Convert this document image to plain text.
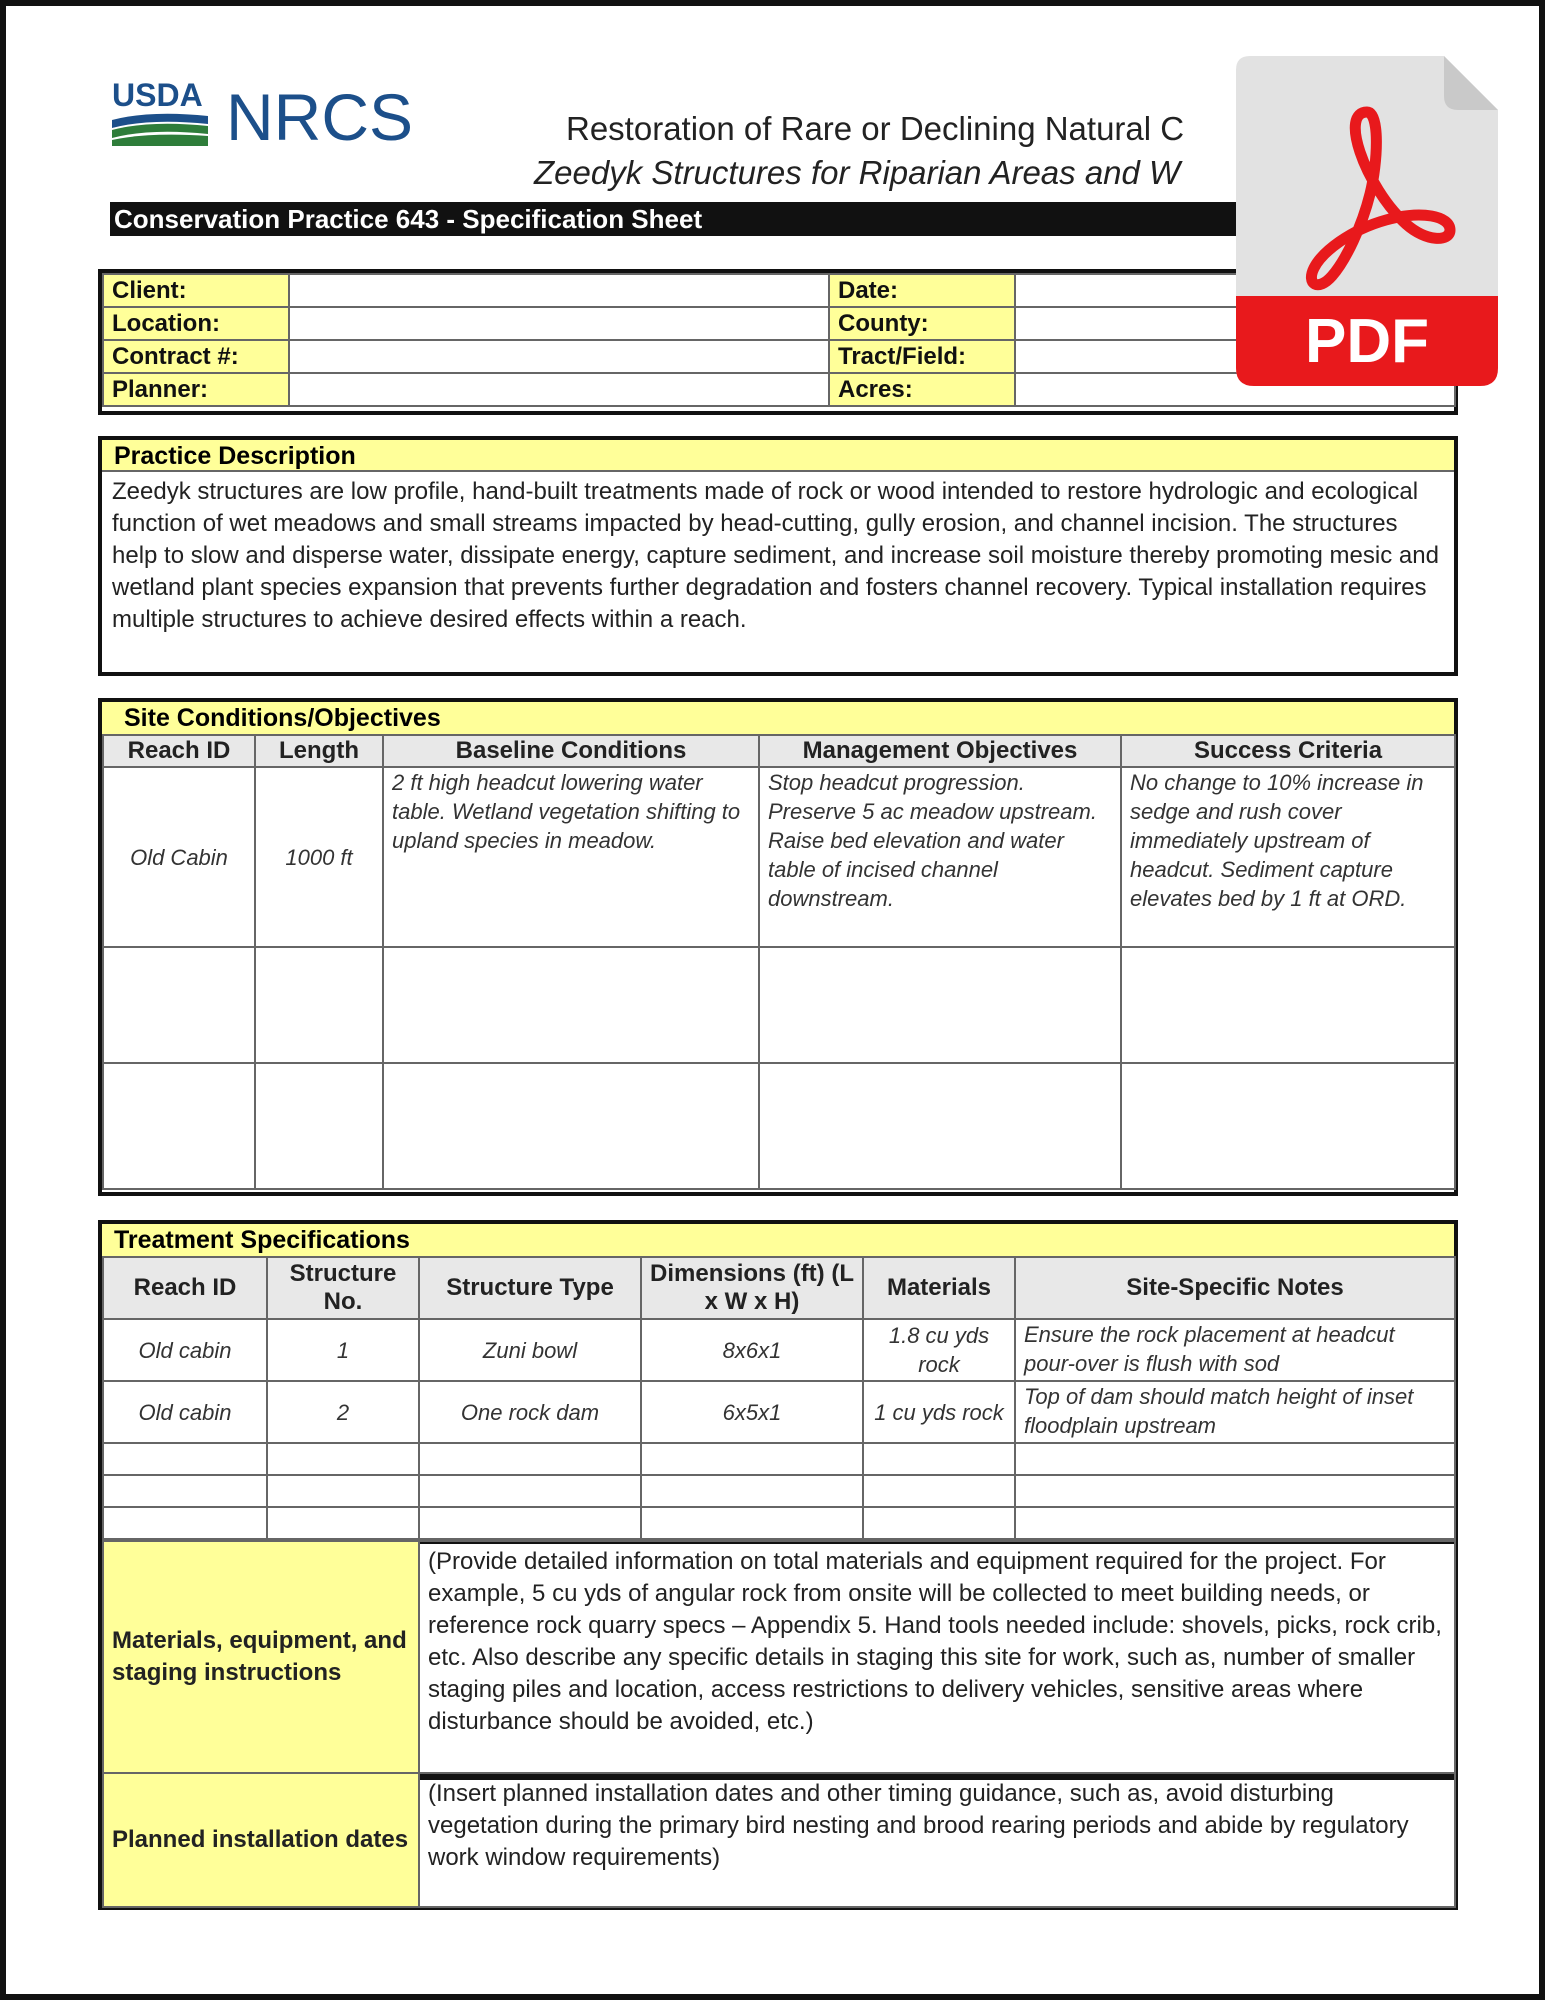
USDA NRCS	Restoration of Rare or Declining Natural C
Zeedyk Structures for Riparian Areas and W
Conservation Practice 643 - Specification Sheet
Client:		Date:	
Location:		County:	
Contract #:		Tract/Field:	
Planner:		Acres:	
Practice Description
Zeedyk structures are low profile, hand-built treatments made of rock or wood intended to restore hydrologic and ecological function of wet meadows and small streams impacted by head-cutting, gully erosion, and channel incision. The structures help to slow and disperse water, dissipate energy, capture sediment, and increase soil moisture thereby promoting mesic and wetland plant species expansion that prevents further degradation and fosters channel recovery. Typical installation requires multiple structures to achieve desired effects within a reach.
Site Conditions/Objectives
Reach ID	Length	Baseline Conditions	Management Objectives	Success Criteria
Old Cabin	1000 ft	2 ft high headcut lowering water table. Wetland vegetation shifting to upland species in meadow.	Stop headcut progression. Preserve 5 ac meadow upstream. Raise bed elevation and water table of incised channel downstream.	No change to 10% increase in sedge and rush cover immediately upstream of headcut. Sediment capture elevates bed by 1 ft at ORD.

Treatment Specifications
Reach ID	Structure No.	Structure Type	Dimensions (ft) (L x W x H)	Materials	Site-Specific Notes
Old cabin	1	Zuni bowl	8x6x1	1.8 cu yds rock	Ensure the rock placement at headcut pour-over is flush with sod
Old cabin	2	One rock dam	6x5x1	1 cu yds rock	Top of dam should match height of inset floodplain upstream

Materials, equipment, and staging instructions	(Provide detailed information on total materials and equipment required for the project. For example, 5 cu yds of angular rock from onsite will be collected to meet building needs, or reference rock quarry specs – Appendix 5. Hand tools needed include: shovels, picks, rock crib, etc. Also describe any specific details in staging this site for work, such as, number of smaller staging piles and location, access restrictions to delivery vehicles, sensitive areas where disturbance should be avoided, etc.)
Planned installation dates	(Insert planned installation dates and other timing guidance, such as, avoid disturbing vegetation during the primary bird nesting and brood rearing periods and abide by regulatory work window requirements)
PDF
